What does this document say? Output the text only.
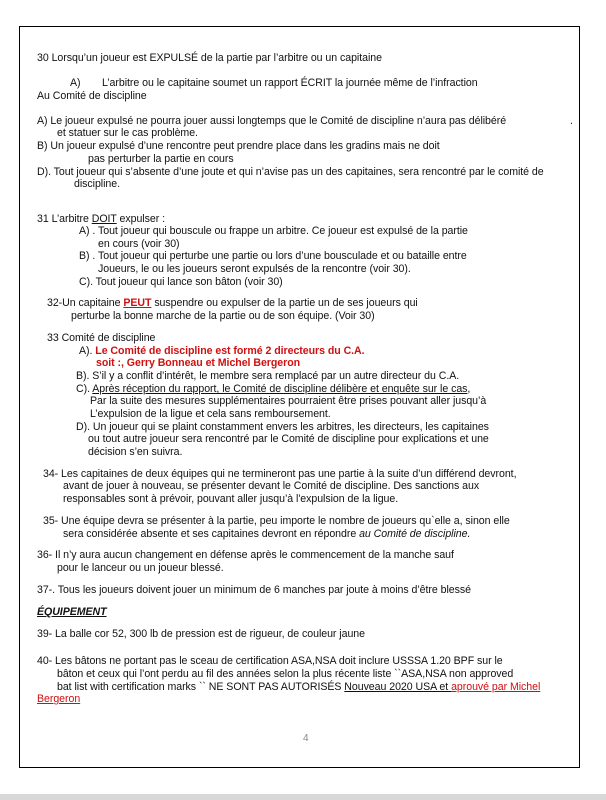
30 Lorsqu’un joueur est EXPULSÉ de la partie par l’arbitre ou un capitaine
A) L’arbitre ou le capitaine soumet un rapport ÉCRIT la journée même de l’infraction
Au Comité de discipline
A) Le joueur expulsé ne pourra jouer aussi longtemps que le Comité de discipline n’aura pas délibéré	.
et statuer sur le cas problème.
B) Un joueur expulsé d’une rencontre peut prendre place dans les gradins mais ne doit
pas perturber la partie en cours
D). Tout joueur qui s’absente d’une joute et qui n’avise pas un des capitaines, sera rencontré par le comité de
discipline.
31 L’arbitre DOIT expulser :
A) . Tout joueur qui bouscule ou frappe un arbitre. Ce joueur est expulsé de la partie
en cours (voir 30)
B) . Tout joueur qui perturbe une partie ou lors d’une bousculade et ou bataille entre
Joueurs, le ou les joueurs seront expulsés de la rencontre (voir 30).
C). Tout joueur qui lance son bâton (voir 30)
32-Un capitaine PEUT suspendre ou expulser de la partie un de ses joueurs qui
perturbe la bonne marche de la partie ou de son équipe. (Voir 30)
33 Comité de discipline
A). Le Comité de discipline est formé 2 directeurs du C.A.
soit :, Gerry Bonneau et Michel Bergeron
B). S’il y a conflit d’intérêt, le membre sera remplacé par un autre directeur du C.A.
C). Après réception du rapport, le Comité de discipline délibère et enquête sur le cas,
Par la suite des mesures supplémentaires pourraient être prises pouvant aller jusqu’à
L’expulsion de la ligue et cela sans remboursement.
D). Un joueur qui se plaint constamment envers les arbitres, les directeurs, les capitaines
ou tout autre joueur sera rencontré par le Comité de discipline pour explications et une
décision s’en suivra.
34- Les capitaines de deux équipes qui ne termineront pas une partie à la suite d’un différend devront,
avant de jouer à nouveau, se présenter devant le Comité de discipline. Des sanctions aux
responsables sont à prévoir, pouvant aller jusqu’à l'expulsion de la ligue.
35- Une équipe devra se présenter à la partie, peu importe le nombre de joueurs qu`elle a, sinon elle
sera considérée absente et ses capitaines devront en répondre au Comité de discipline.
36- Il n’y aura aucun changement en défense après le commencement de la manche sauf
pour le lanceur ou un joueur blessé.
37-. Tous les joueurs doivent jouer un minimum de 6 manches par joute à moins d’être blessé
ÉQUIPEMENT
39- La balle cor 52, 300 lb de pression est de rigueur, de couleur jaune
40- Les bâtons ne portant pas le sceau de certification ASA,NSA doit inclure USSSA 1.20 BPF sur le
bâton et ceux qui l’ont perdu au fil des années selon la plus récente liste ``ASA,NSA non approved
bat list with certification marks `` NE SONT PAS AUTORISÉS Nouveau 2020 USA et aprouvé par Michel
Bergeron
4
